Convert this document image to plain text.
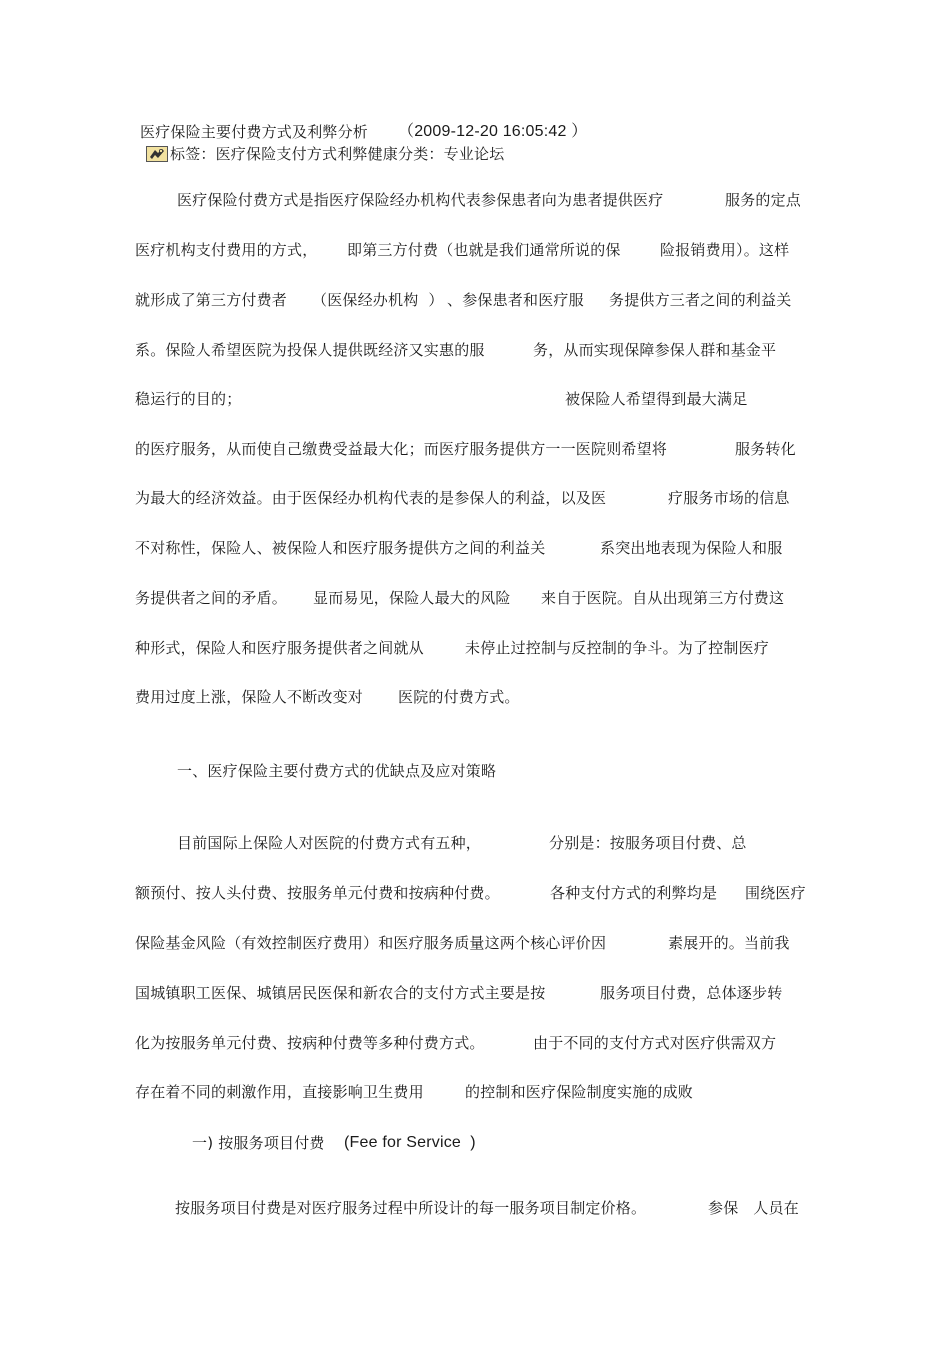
医疗保险主要付费方式及利弊分析 （2009-12-20 16:05:42 ）
标签：医疗保险支付方式利弊健康分类：专业论坛
医疗保险付费方式是指医疗保险经办机构代表参保患者向为患者提供医疗	服务的定点
医疗机构支付费用的方式， 即第三方付费（也就是我们通常所说的保	险报销费用）。这样
就形成了第三方付费者 （医保经办机构  ） 、参保患者和医疗服 务提供方三者之间的利益关
系。保险人希望医院为投保人提供既经济又实惠的服	务，从而实现保障参保人群和基金平
稳运行的目的；	被保险人希望得到最大满足
的医疗服务，从而使自己缴费受益最大化；而医疗服务提供方一一医院则希望将	服务转化
为最大的经济效益。由于医保经办机构代表的是参保人的利益，以及医	疗服务市场的信息
不对称性，保险人、被保险人和医疗服务提供方之间的利益关	系突出地表现为保险人和服
务提供者之间的矛盾。 显而易见，保险人最大的风险 来自于医院。自从出现第三方付费这
种形式，保险人和医疗服务提供者之间就从	未停止过控制与反控制的争斗。为了控制医疗
费用过度上涨，保险人不断改变对 医院的付费方式。
一、医疗保险主要付费方式的优缺点及应对策略
目前国际上保险人对医院的付费方式有五种，	分别是：按服务项目付费、总
额预付、按人头付费、按服务单元付费和按病种付费。	各种支付方式的利弊均是 围绕医疗
保险基金风险（有效控制医疗费用）和医疗服务质量这两个核心评价因	素展开的。当前我
国城镇职工医保、城镇居民医保和新农合的支付方式主要是按	服务项目付费，总体逐步转
化为按服务单元付费、按病种付费等多种付费方式。	由于不同的支付方式对医疗供需双方
存在着不同的刺激作用，直接影响卫生费用	的控制和医疗保险制度实施的成败
一) 按服务项目付费 (Fee for Service  )
按服务项目付费是对医疗服务过程中所设计的每一服务项目制定价格。	参保   人员在
